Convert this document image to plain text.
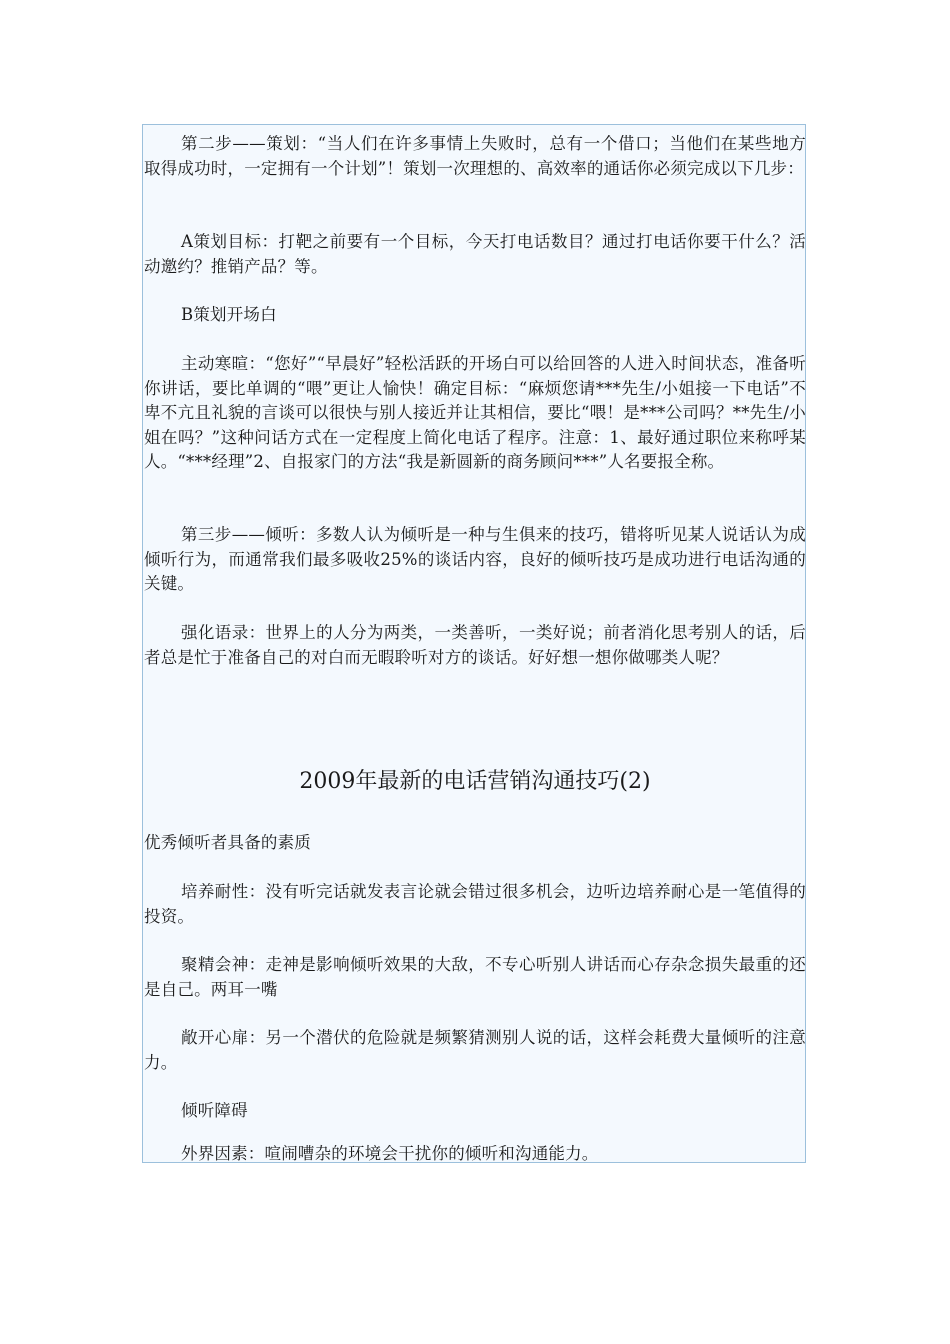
第二步——策划：“当人们在许多事情上失败时，总有一个借口；当他们在某些地方取得成功时，一定拥有一个计划”！策划一次理想的、高效率的通话你必须完成以下几步：

A策划目标：打靶之前要有一个目标，今天打电话数目？通过打电话你要干什么？活动邀约？推销产品？等。

B策划开场白

主动寒暄：“您好”“早晨好”轻松活跃的开场白可以给回答的人进入时间状态，准备听你讲话，要比单调的“喂”更让人愉快！确定目标：“麻烦您请***先生/小姐接一下电话”不卑不亢且礼貌的言谈可以很快与别人接近并让其相信，要比“喂！是***公司吗？**先生/小姐在吗？”这种问话方式在一定程度上简化电话了程序。注意：1、最好通过职位来称呼某人。“***经理”2、自报家门的方法“我是新圆新的商务顾问***”人名要报全称。

第三步——倾听：多数人认为倾听是一种与生俱来的技巧，错将听见某人说话认为成倾听行为，而通常我们最多吸收25%的谈话内容，良好的倾听技巧是成功进行电话沟通的关键。

强化语录：世界上的人分为两类，一类善听，一类好说；前者消化思考别人的话，后者总是忙于准备自己的对白而无暇聆听对方的谈话。好好想一想你做哪类人呢？

2009年最新的电话营销沟通技巧(2)

优秀倾听者具备的素质

培养耐性：没有听完话就发表言论就会错过很多机会，边听边培养耐心是一笔值得的投资。

聚精会神：走神是影响倾听效果的大敌，不专心听别人讲话而心存杂念损失最重的还是自己。两耳一嘴

敞开心扉：另一个潜伏的危险就是频繁猜测别人说的话，这样会耗费大量倾听的注意力。

倾听障碍

外界因素：喧闹嘈杂的环境会干扰你的倾听和沟通能力。
